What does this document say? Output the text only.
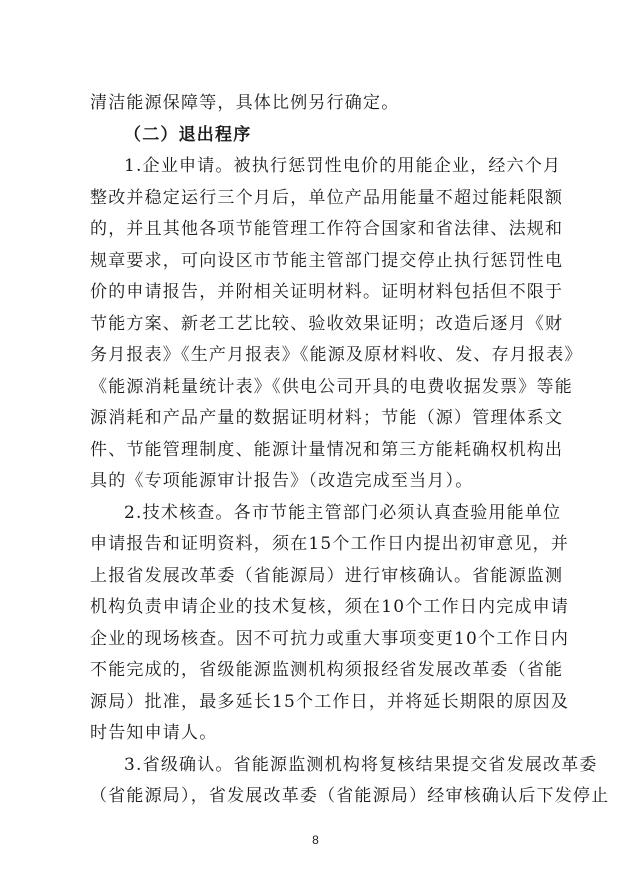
清洁能源保障等，具体比例另行确定。
（二）退出程序
1.企业申请。被执行惩罚性电价的用能企业，经六个月
整改并稳定运行三个月后，单位产品用能量不超过能耗限额
的，并且其他各项节能管理工作符合国家和省法律、法规和
规章要求，可向设区市节能主管部门提交停止执行惩罚性电
价的申请报告，并附相关证明材料。证明材料包括但不限于
节能方案、新老工艺比较、验收效果证明；改造后逐月《财
务月报表》《生产月报表》《能源及原材料收、发、存月报表》
《能源消耗量统计表》《供电公司开具的电费收据发票》等能
源消耗和产品产量的数据证明材料；节能（源）管理体系文
件、节能管理制度、能源计量情况和第三方能耗确权机构出
具的《专项能源审计报告》（改造完成至当月）。
2.技术核查。各市节能主管部门必须认真查验用能单位
申请报告和证明资料，须在15个工作日内提出初审意见，并
上报省发展改革委（省能源局）进行审核确认。省能源监测
机构负责申请企业的技术复核，须在10个工作日内完成申请
企业的现场核查。因不可抗力或重大事项变更10个工作日内
不能完成的，省级能源监测机构须报经省发展改革委（省能
源局）批准，最多延长15个工作日，并将延长期限的原因及
时告知申请人。
3.省级确认。省能源监测机构将复核结果提交省发展改革委
（省能源局），省发展改革委（省能源局）经审核确认后下发停止
8
